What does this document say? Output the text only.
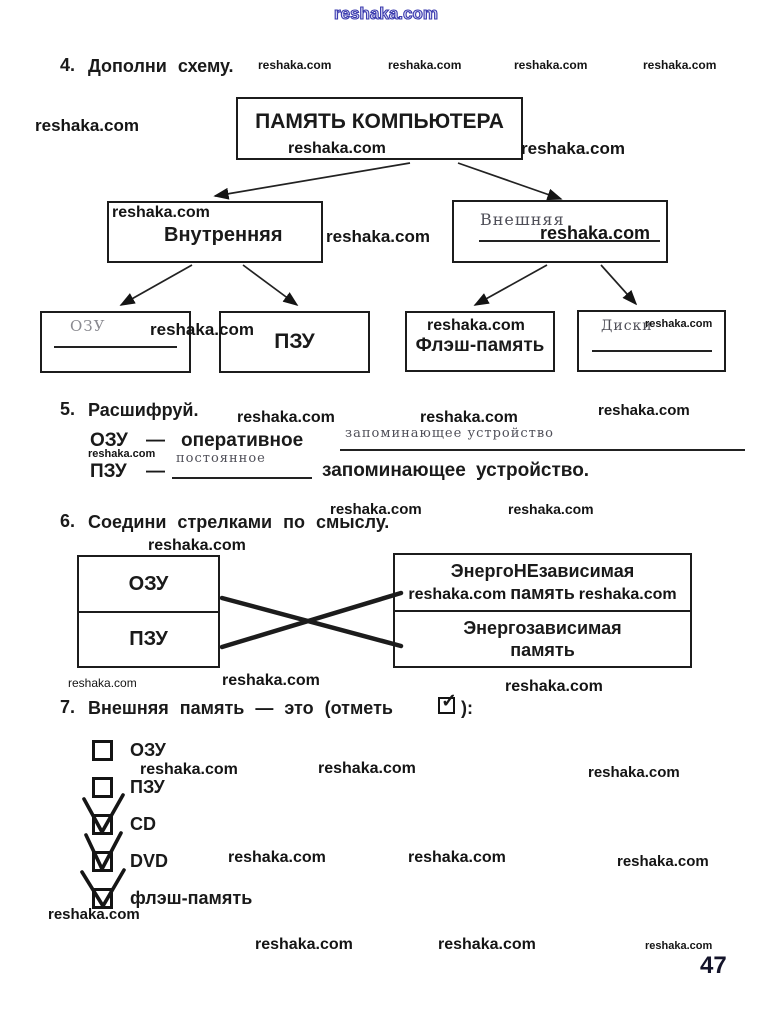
reshaka.com
4. Дополни схему. reshaka.com	reshaka.com	reshaka.com	reshaka.com
reshaka.com	ПАМЯТЬ КОМПЬЮТЕРА
reshaka.com	reshaka.com
Внутренняя
reshaka.com
reshaka.com
Внешняя
reshaka.com
ОЗУ
ПЗУ
reshaka.com	reshaka.com
Флэш-память
Диски
reshaka.com
5. Расшифруй. reshaka.com	reshaka.com	reshaka.com
ОЗУ — оперативное	запоминающее устройство
reshaka.com постоянное
ПЗУ —	запоминающее устройство.
6. Соедини стрелками по смыслу.
reshaka.com	reshaka.com
reshaka.com
ОЗУ
ПЗУ
ЭнергоНЕзависимая
reshaka.com память reshaka.com
Энергозависимая
память
reshaka.com	reshaka.com	reshaka.com
7. Внешняя память — это (отметь	✓ ):
ОЗУ
reshaka.com	reshaka.com	reshaka.com
ПЗУ
CD
DVD	reshaka.com	reshaka.com	reshaka.com
флэш-память
reshaka.com
reshaka.com	reshaka.com	reshaka.com
47
